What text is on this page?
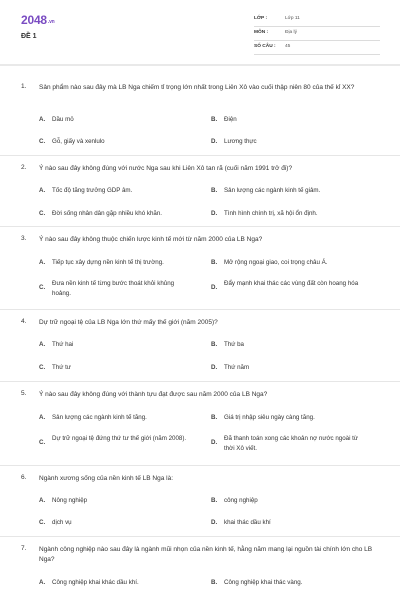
$2048^{.vn}$
ĐỀ 1
LỚP :	Lớp 11
MÔN :	Địa lý
SỐ CÂU : 45
1. Sản phẩm nào sau đây mà LB Nga chiếm tỉ trọng lớn nhất trong Liên Xô vào cuối thập niên 80 của thế kỉ XX?
A. Dầu mỏ	B. Điện
C. Gỗ, giấy và xenlulo	D. Lương thực
2. Ý nào sau đây không đúng với nước Nga sau khi Liên Xô tan rã (cuối năm 1991 trở đi)?
A. Tốc độ tăng trưởng GDP âm.	B. Sản lượng các ngành kinh tế giảm.
C. Đời sống nhân dân gặp nhiều khó khăn.	D. Tình hình chính trị, xã hội ổn định.
3. Ý nào sau đây không thuộc chiến lược kinh tế mới từ năm 2000 của LB Nga?
A. Tiếp tục xây dựng nền kinh tế thị trường.	B. Mở rộng ngoại giao, coi trọng châu Á.
C.
Đưa nền kinh tế từng bước thoát khỏi khủng hoảng.
D.
Đẩy mạnh khai thác các vùng đất còn hoang hóa
4. Dự trữ ngoại tệ của LB Nga lớn thứ mấy thế giới (năm 2005)?
A. Thứ hai	B. Thứ ba
C. Thứ tư	D. Thứ năm
5. Ý nào sau đây không đúng với thành tựu đạt được sau năm 2000 của LB Nga?
A. Sản lượng các ngành kinh tế tăng.	B. Giá trị nhập siêu ngày càng tăng.
C.
Dự trữ ngoại tệ đứng thứ tư thế giới (năm 2008).
D.
Đã thanh toán xong các khoản nợ nước ngoài từ thời Xô viết.
6. Ngành xương sống của nền kinh tế LB Nga là:
A. Nông nghiệp	B. công nghiệp
C. dịch vụ	D. khai thác dầu khí
7. Ngành công nghiệp nào sau đây là ngành mũi nhọn của nền kinh tế, hằng năm mang lại nguồn tài chính lớn cho LB Nga?
A. Công nghiệp khai khác dầu khí.	B. Công nghiệp khai thác vàng.
